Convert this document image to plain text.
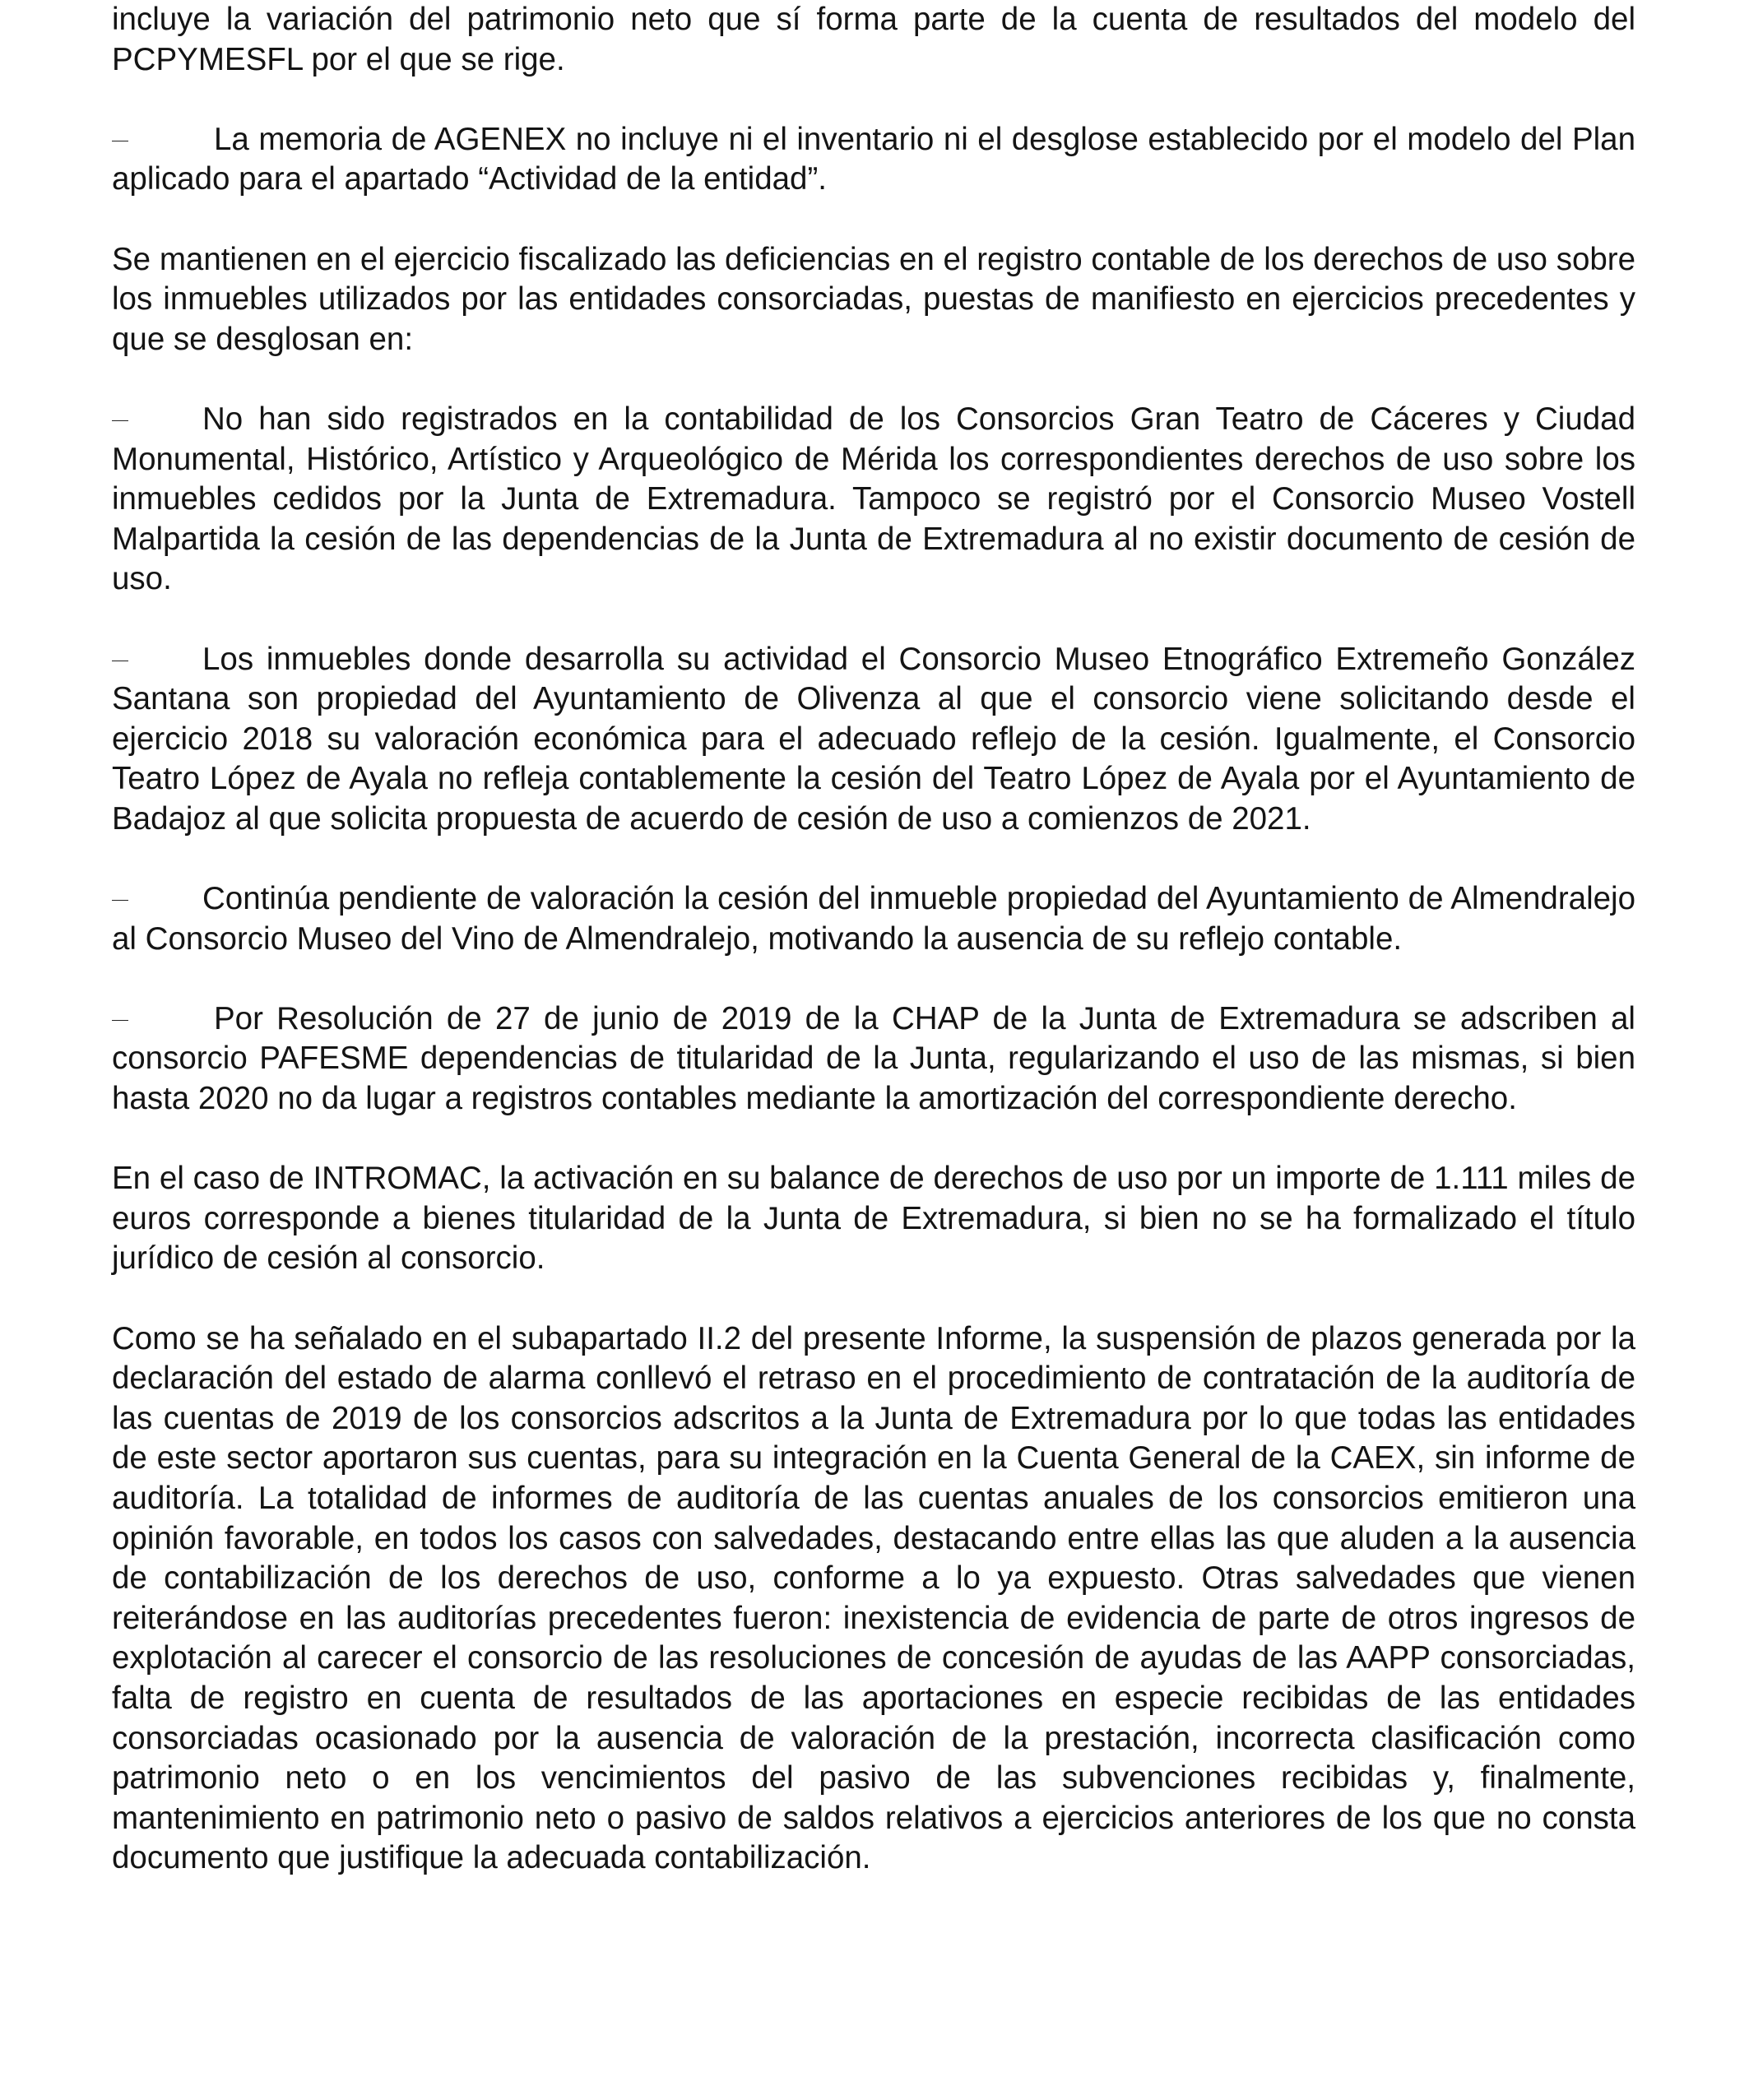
incluye la variación del patrimonio neto que sí forma parte de la cuenta de resultados del modelo del PCPYMESFL por el que se rige.

La memoria de AGENEX no incluye ni el inventario ni el desglose establecido por el modelo del Plan aplicado para el apartado “Actividad de la entidad”.

Se mantienen en el ejercicio fiscalizado las deficiencias en el registro contable de los derechos de uso sobre los inmuebles utilizados por las entidades consorciadas, puestas de manifiesto en ejercicios precedentes y que se desglosan en:

No han sido registrados en la contabilidad de los Consorcios Gran Teatro de Cáceres y Ciudad Monumental, Histórico, Artístico y Arqueológico de Mérida los correspondientes derechos de uso sobre los inmuebles cedidos por la Junta de Extremadura. Tampoco se registró por el Consorcio Museo Vostell Malpartida la cesión de las dependencias de la Junta de Extremadura al no existir documento de cesión de uso.

Los inmuebles donde desarrolla su actividad el Consorcio Museo Etnográfico Extremeño González Santana son propiedad del Ayuntamiento de Olivenza al que el consorcio viene solicitando desde el ejercicio 2018 su valoración económica para el adecuado reflejo de la cesión. Igualmente, el Consorcio Teatro López de Ayala no refleja contablemente la cesión del Teatro López de Ayala por el Ayuntamiento de Badajoz al que solicita propuesta de acuerdo de cesión de uso a comienzos de 2021.

Continúa pendiente de valoración la cesión del inmueble propiedad del Ayuntamiento de Almendralejo al Consorcio Museo del Vino de Almendralejo, motivando la ausencia de su reflejo contable.

Por Resolución de 27 de junio de 2019 de la CHAP de la Junta de Extremadura se adscriben al consorcio PAFESME dependencias de titularidad de la Junta, regularizando el uso de las mismas, si bien hasta 2020 no da lugar a registros contables mediante la amortización del correspondiente derecho.

En el caso de INTROMAC, la activación en su balance de derechos de uso por un importe de 1.111 miles de euros corresponde a bienes titularidad de la Junta de Extremadura, si bien no se ha formalizado el título jurídico de cesión al consorcio.

Como se ha señalado en el subapartado II.2 del presente Informe, la suspensión de plazos generada por la declaración del estado de alarma conllevó el retraso en el procedimiento de contratación de la auditoría de las cuentas de 2019 de los consorcios adscritos a la Junta de Extremadura por lo que todas las entidades de este sector aportaron sus cuentas, para su integración en la Cuenta General de la CAEX, sin informe de auditoría. La totalidad de informes de auditoría de las cuentas anuales de los consorcios emitieron una opinión favorable, en todos los casos con salvedades, destacando entre ellas las que aluden a la ausencia de contabilización de los derechos de uso, conforme a lo ya expuesto. Otras salvedades que vienen reiterándose en las auditorías precedentes fueron: inexistencia de evidencia de parte de otros ingresos de explotación al carecer el consorcio de las resoluciones de concesión de ayudas de las AAPP consorciadas, falta de registro en cuenta de resultados de las aportaciones en especie recibidas de las entidades consorciadas ocasionado por la ausencia de valoración de la prestación, incorrecta clasificación como patrimonio neto o en los vencimientos del pasivo de las subvenciones recibidas y, finalmente, mantenimiento en patrimonio neto o pasivo de saldos relativos a ejercicios anteriores de los que no consta documento que justifique la adecuada contabilización.
